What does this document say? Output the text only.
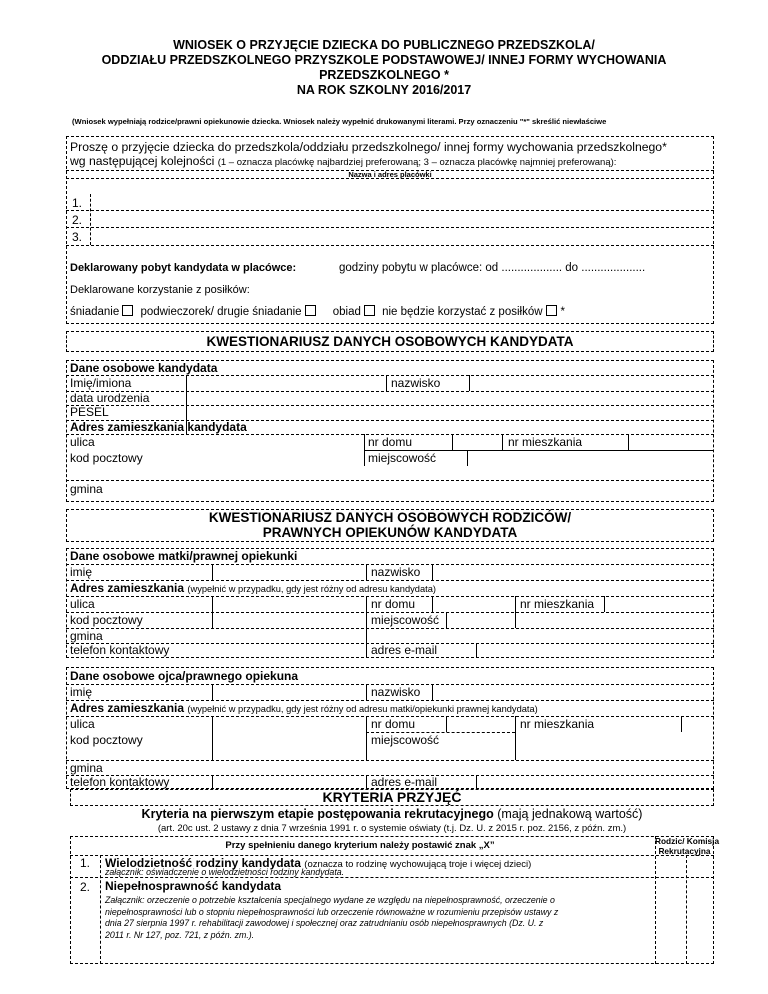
WNIOSEK O PRZYJĘCIE DZIECKA DO PUBLICZNEGO PRZEDSZKOLA/
ODDZIAŁU PRZEDSZKOLNEGO PRZYSZKOLE PODSTAWOWEJ/ INNEJ FORMY WYCHOWANIA
PRZEDSZKOLNEGO *
NA ROK SZKOLNY 2016/2017
(Wniosek wypełniają rodzice/prawni opiekunowie dziecka. Wniosek należy wypełnić drukowanymi literami. Przy oznaczeniu "*" skreślić niewłaściwe
Proszę o przyjęcie dziecka do przedszkola/oddziału przedszkolnego/ innej formy wychowania przedszkolnego*
wg następującej kolejności (1 – oznacza placówkę najbardziej preferowaną; 3 – oznacza placówkę najmniej preferowaną):
Nazwa i adres placówki
1.
2.
3.
Deklarowany pobyt kandydata w placówce:	godziny pobytu w placówce: od ................... do ....................
Deklarowane korzystanie z posiłków:
śniadanie podwieczorek/ drugie śniadanie	obiad nie będzie korzystać z posiłków *
KWESTIONARIUSZ DANYCH OSOBOWYCH KANDYDATA
Dane osobowe kandydata
Imię/imiona	nazwisko
data urodzenia
PESEL
Adres zamieszkania kandydata
ulica	nr domu	nr mieszkania
kod pocztowy	miejscowość
gmina
KWESTIONARIUSZ DANYCH OSOBOWYCH RODZICÓW/
PRAWNYCH OPIEKUNÓW KANDYDATA
Dane osobowe matki/prawnej opiekunki
imię	nazwisko
Adres zamieszkania (wypełnić w przypadku, gdy jest różny od adresu kandydata)
ulica	nr domu	nr mieszkania
kod pocztowy	miejscowość
gmina
telefon kontaktowy	adres e-mail
Dane osobowe ojca/prawnego opiekuna
imię	nazwisko
Adres zamieszkania (wypełnić w przypadku, gdy jest różny od adresu matki/opiekunki prawnej kandydata)
ulica	nr domu	nr mieszkania
kod pocztowy	miejscowość
gmina
telefon kontaktowy	adres e-mail
KRYTERIA PRZYJĘĆ
Kryteria na pierwszym etapie postępowania rekrutacyjnego (mają jednakową wartość)
(art. 20c ust. 2 ustawy z dnia 7 września 1991 r. o systemie oświaty (t.j. Dz. U. z 2015 r. poz. 2156, z późn. zm.)
Przy spełnieniu danego kryterium należy postawić znak „X”	Rodzic/ Komisja
Rekrutacyjna
1. Wielodzietność rodziny kandydata (oznacza to rodzinę wychowującą troje i więcej dzieci)
załącznik: oświadczenie o wielodzietności rodziny kandydata.
2. Niepełnosprawność kandydata
Załącznik: orzeczenie o potrzebie kształcenia specjalnego wydane ze względu na niepełnosprawność, orzeczenie o
niepełnosprawności lub o stopniu niepełnosprawności lub orzeczenie równoważne w rozumieniu przepisów ustawy z
dnia 27 sierpnia 1997 r. rehabilitacji zawodowej i społecznej oraz zatrudnianiu osób niepełnosprawnych (Dz. U. z
2011 r. Nr 127, poz. 721, z późn. zm.).
